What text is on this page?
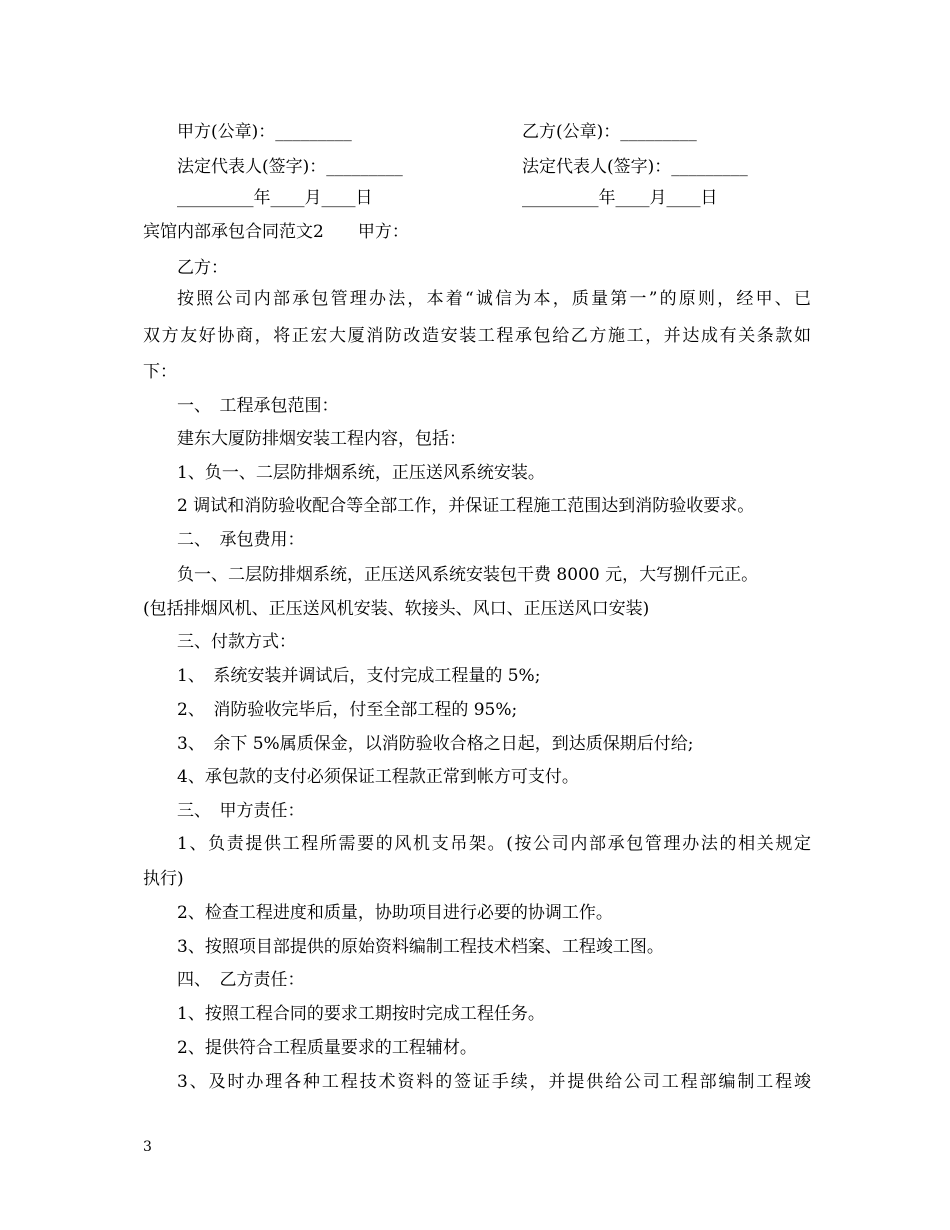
甲方(公章)：_________	乙方(公章)：_________
法定代表人(签字)：_________	法定代表人(签字)：_________
_________年____月____日	_________年____月____日
宾馆内部承包合同范文2　　甲方：
乙方：
按照公司内部承包管理办法，本着“诚信为本，质量第一”的原则，经甲、已
双方友好协商，将正宏大厦消防改造安装工程承包给乙方施工，并达成有关条款如
下：
一、　工程承包范围：
建东大厦防排烟安装工程内容，包括：
1、负一、二层防排烟系统，正压送风系统安装。
2 调试和消防验收配合等全部工作，并保证工程施工范围达到消防验收要求。
二、　承包费用：
负一、二层防排烟系统，正压送风系统安装包干费 8000 元，大写捌仟元正。
(包括排烟风机、正压送风机安装、软接头、风口、正压送风口安装)
三、付款方式：
1、　系统安装并调试后，支付完成工程量的 5%;
2、　消防验收完毕后，付至全部工程的 95%;
3、　余下 5%属质保金，以消防验收合格之日起，到达质保期后付给;
4、承包款的支付必须保证工程款正常到帐方可支付。
三、　甲方责任：
1、负责提供工程所需要的风机支吊架。(按公司内部承包管理办法的相关规定
执行)
2、检查工程进度和质量，协助项目进行必要的协调工作。
3、按照项目部提供的原始资料编制工程技术档案、工程竣工图。
四、　乙方责任：
1、按照工程合同的要求工期按时完成工程任务。
2、提供符合工程质量要求的工程辅材。
3、及时办理各种工程技术资料的签证手续，并提供给公司工程部编制工程竣
3
